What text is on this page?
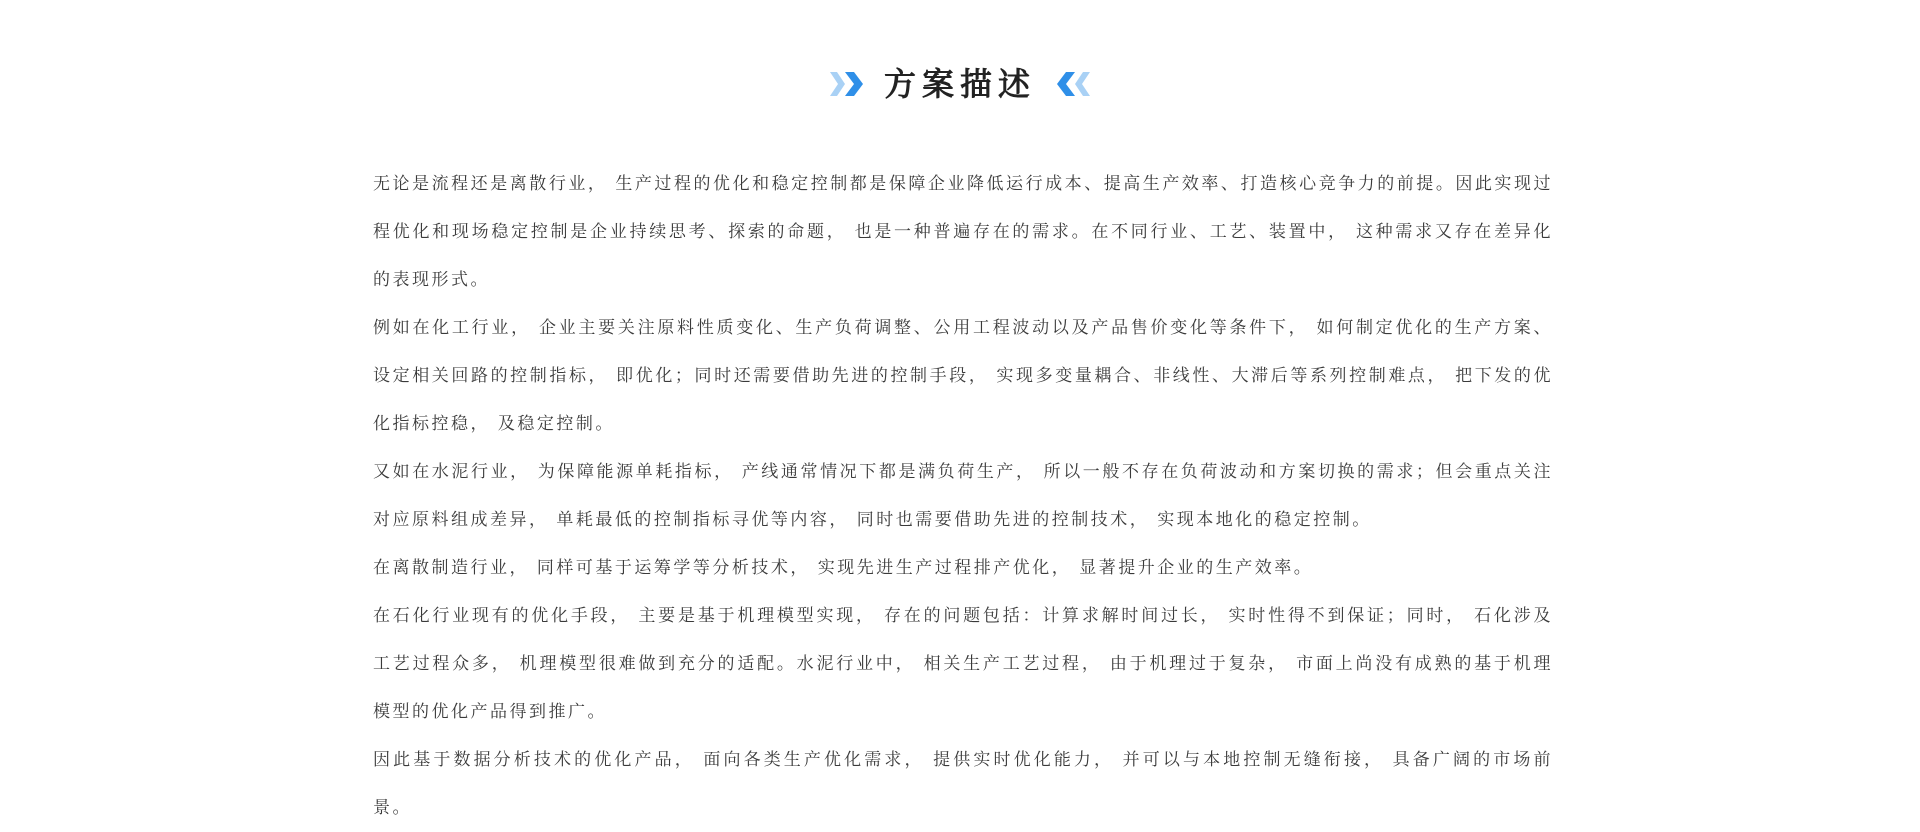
方案描述

无论是流程还是离散行业， 生产过程的优化和稳定控制都是保障企业降低运行成本、提高生产效率、打造核心竞争力的前提。因此实现过程优化和现场稳定控制是企业持续思考、探索的命题， 也是一种普遍存在的需求。在不同行业、工艺、装置中， 这种需求又存在差异化的表现形式。

例如在化工行业， 企业主要关注原料性质变化、生产负荷调整、公用工程波动以及产品售价变化等条件下， 如何制定优化的生产方案、设定相关回路的控制指标， 即优化；同时还需要借助先进的控制手段， 实现多变量耦合、非线性、大滞后等系列控制难点， 把下发的优化指标控稳， 及稳定控制。

又如在水泥行业， 为保障能源单耗指标， 产线通常情况下都是满负荷生产， 所以一般不存在负荷波动和方案切换的需求；但会重点关注对应原料组成差异， 单耗最低的控制指标寻优等内容， 同时也需要借助先进的控制技术， 实现本地化的稳定控制。

在离散制造行业， 同样可基于运筹学等分析技术， 实现先进生产过程排产优化， 显著提升企业的生产效率。

在石化行业现有的优化手段， 主要是基于机理模型实现， 存在的问题包括：计算求解时间过长， 实时性得不到保证；同时， 石化涉及工艺过程众多， 机理模型很难做到充分的适配。水泥行业中， 相关生产工艺过程， 由于机理过于复杂， 市面上尚没有成熟的基于机理模型的优化产品得到推广。

因此基于数据分析技术的优化产品， 面向各类生产优化需求， 提供实时优化能力， 并可以与本地控制无缝衔接， 具备广阔的市场前景。
